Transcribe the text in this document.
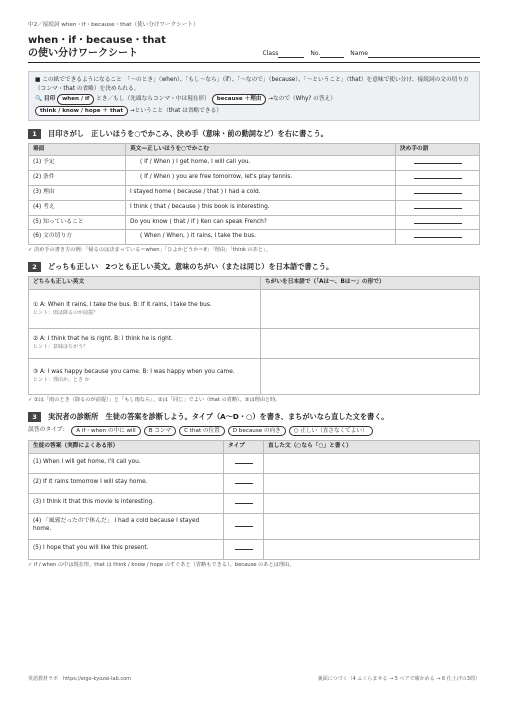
中2／接続詞 when・if・because・that（使い分けワークシート）
when・if・because・that
の使い分けワークシート	Class	No.	Name
■ この紙でできるようになること　「〜のとき」（when）、「もし〜なら」（if）、「〜なので」（because）、「〜ということ」（that）を意味で使い分け、接続詞の文の切り方（コンマ・that の省略）を決められる。
🔍 目印 when / if とき／もし（先頭ならコンマ・中は現在形） because ＋理由 →なので（Why? の答え）
think / know / hope ＋ that →ということ（that は省略できる）
1	目印さがし　正しいほうを○でかこみ、決め手（意味・前の動詞など）を右に書こう。
場面	英文—正しいほうを○でかこむ	決め手の語
(1) 予定	( If / When ) I get home, I will call you.	
(2) 条件	( If / When ) you are free tomorrow, let's play tennis.	
(3) 理由	I stayed home ( because / that ) I had a cold.	
(4) 考え	I think ( that / because ) this book is interesting.	
(5) 知っていること	Do you know ( that / if ) Ken can speak French?	
(6) 文の切り方	( When / When, ) it rains, I take the bus.	
✓ 決め手の書き方の例：「帰るのは決まっている＝when」「ひよかどうか＝if」「理由」「think のあと」。
2	どっちも正しい　2つとも正しい英文。意味のちがい（または同じ）を日本語で書こう。
どちらも正しい英文	ちがいを日本語で（「Aは〜、Bは〜」の形で）
① A: When it rains, I take the bus. B: If it rains, I take the bus.
ヒント：雨は降るのが前提？	

② A: I think that he is right. B: I think he is right.
ヒント：意味はちがう？	

③ A: I was happy because you came. B: I was happy when you came.
ヒント：理由か、とき か	

✓ ①は「雨のとき（降るのが前提）」と「もし雨なら」。②は「同じ」でよい（that の省略）。③は理由と時。
3	実況者の診断所　生徒の答案を診断しよう。タイプ（A〜D・○）を書き、まちがいなら直した文を書く。
誤答のタイプ：	A if・when の中に will	B コンマ	C that の位置	D because の向き	○ 正しい（直さなくてよい）
生徒の答案（実際によくある形）	タイプ	直した文（○なら「○」と書く）
(1) When I will get home, I'll call you.		
(2) If it rains tomorrow I will stay home.		
(3) I think it that this movie is interesting.		
(4) 「風邪だったので休んだ」 I had a cold because I stayed home.		
(5) I hope that you will like this present.		
✓ if / when の中は現在形。that は think / know / hope のすぐあと（省略もできる）。because のあとは理由。
英語教材ラボ　https://eigo-kyozai-lab.com	裏面につづく（4 ふくらませる → 5 ペアで確かめる → 6 仕上げの3問）
